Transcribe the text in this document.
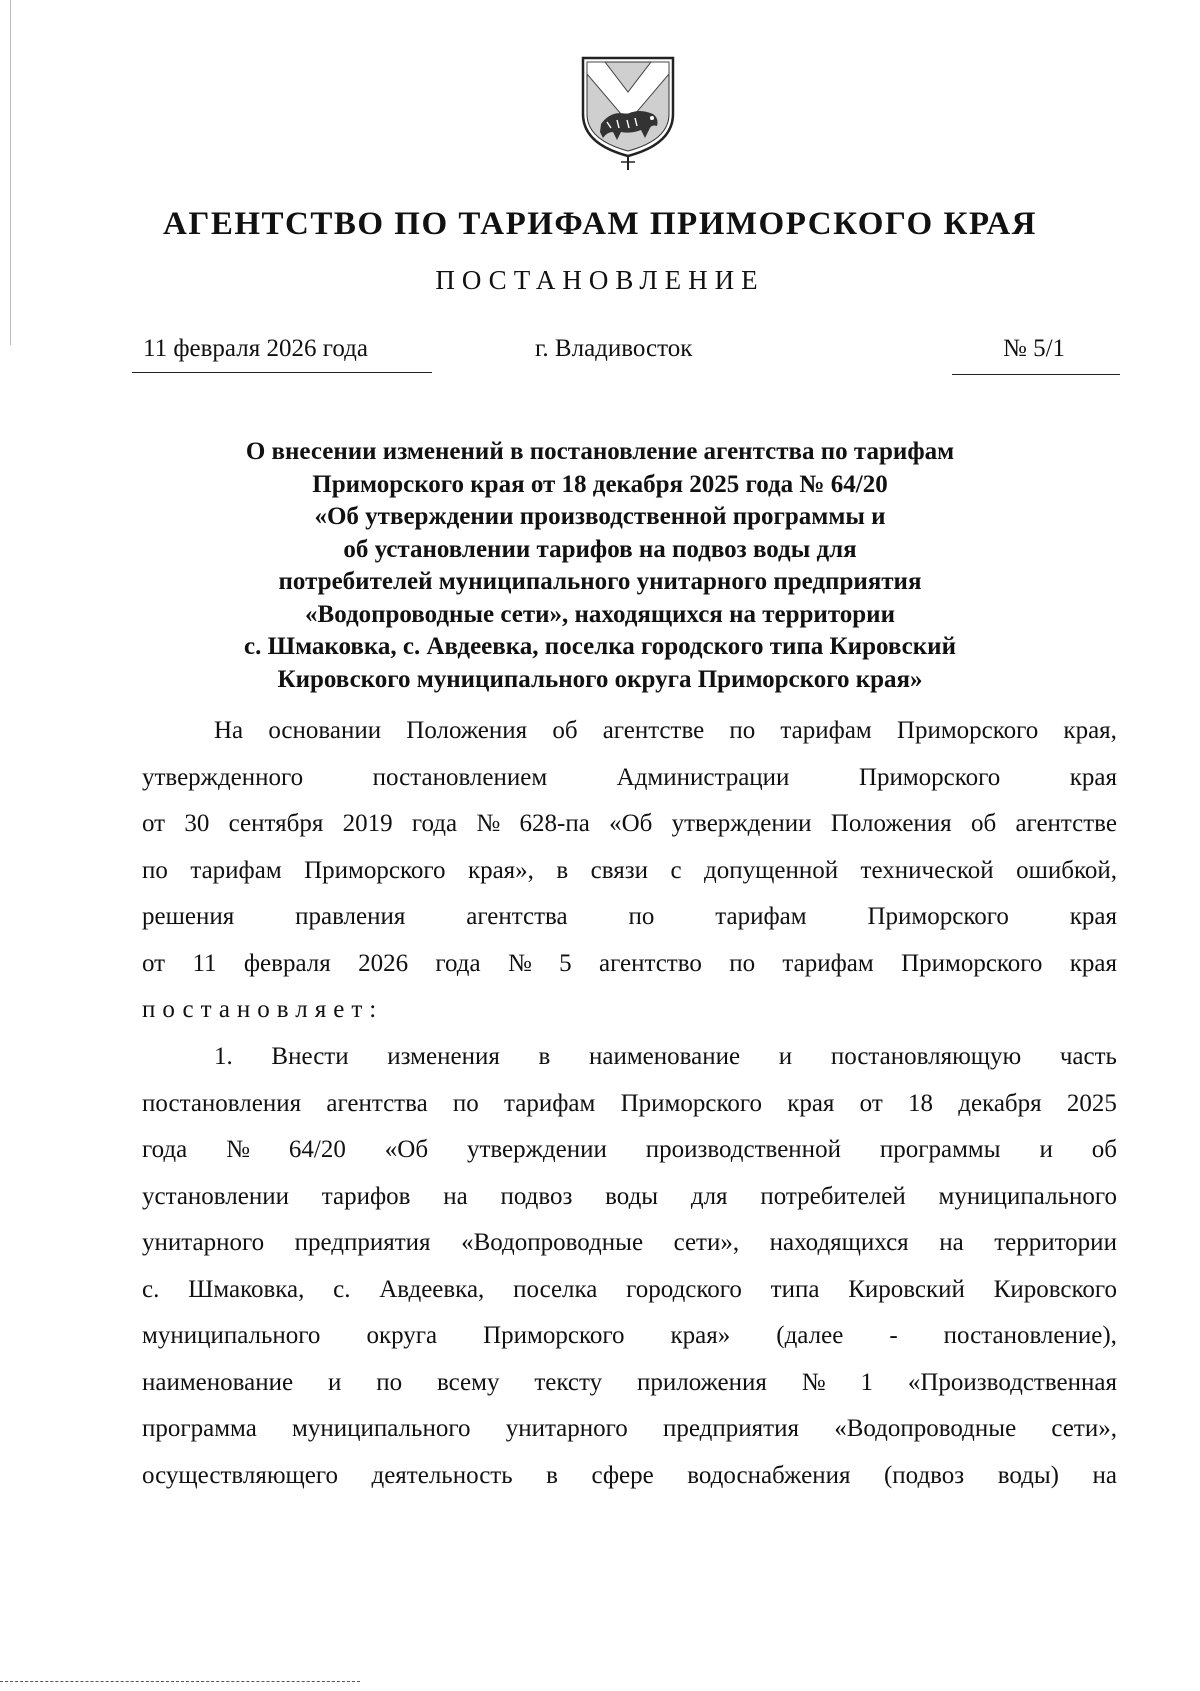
АГЕНТСТВО ПО ТАРИФАМ ПРИМОРСКОГО КРАЯ
ПОСТАНОВЛЕНИЕ
11 февраля 2026 года	г. Владивосток	№ 5/1
О внесении изменений в постановление агентства по тарифам
Приморского края от 18 декабря 2025 года № 64/20
«Об утверждении производственной программы и
об установлении тарифов на подвоз воды для
потребителей муниципального унитарного предприятия
«Водопроводные сети», находящихся на территории
с. Шмаковка, с. Авдеевка, поселка городского типа Кировский
Кировского муниципального округа Приморского края»
На основании Положения об агентстве по тарифам Приморского края,
утвержденного	постановлением	Администрации	Приморского	края
от 30 сентября 2019 года № 628-па «Об утверждении Положения об агентстве
по тарифам Приморского края», в связи с допущенной технической ошибкой,
решения правления агентства по тарифам Приморского края
от 11 февраля 2026 года № 5 агентство по тарифам Приморского края
постановляет:
1. Внести изменения в наименование и постановляющую часть
постановления агентства по тарифам Приморского края от 18 декабря 2025
года № 64/20 «Об утверждении производственной программы и об
установлении тарифов на подвоз воды для потребителей муниципального
унитарного предприятия «Водопроводные сети», находящихся на территории
с. Шмаковка, с. Авдеевка, поселка городского типа Кировский Кировского
муниципального округа Приморского края» (далее - постановление),
наименование и по всему тексту приложения № 1 «Производственная
программа муниципального унитарного предприятия «Водопроводные сети»,
осуществляющего деятельность в сфере водоснабжения (подвоз воды) на
